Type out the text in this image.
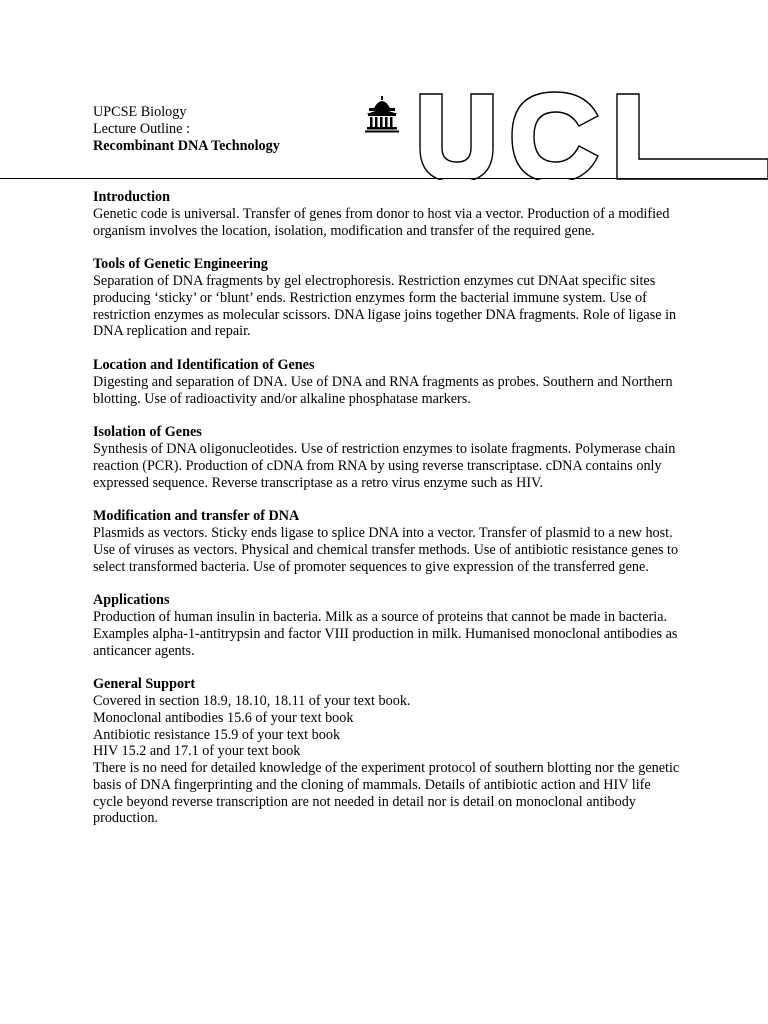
UPCSE Biology
Lecture Outline :
Recombinant DNA Technology
Introduction

Genetic code is universal. Transfer of genes from donor to host via a vector. Production of a modified organism involves the location, isolation, modification and transfer of the required gene.

Tools of Genetic Engineering

Separation of DNA fragments by gel electrophoresis. Restriction enzymes cut DNAat specific sites producing ‘sticky’ or ‘blunt’ ends. Restriction enzymes form the bacterial immune system. Use of restriction enzymes as molecular scissors. DNA ligase joins together DNA fragments. Role of ligase in DNA replication and repair.

Location and Identification of Genes

Digesting and separation of DNA. Use of DNA and RNA fragments as probes. Southern and Northern blotting. Use of radioactivity and/or alkaline phosphatase markers.

Isolation of Genes

Synthesis of DNA oligonucleotides. Use of restriction enzymes to isolate fragments. Polymerase chain reaction (PCR). Production of cDNA from RNA by using reverse transcriptase. cDNA contains only expressed sequence. Reverse transcriptase as a retro virus enzyme such as HIV.

Modification and transfer of DNA

Plasmids as vectors. Sticky ends ligase to splice DNA into a vector. Transfer of plasmid to a new host. Use of viruses as vectors. Physical and chemical transfer methods. Use of antibiotic resistance genes to select transformed bacteria. Use of promoter sequences to give expression of the transferred gene.

Applications

Production of human insulin in bacteria. Milk as a source of proteins that cannot be made in bacteria. Examples alpha-1-antitrypsin and factor VIII production in milk. Humanised monoclonal antibodies as anticancer agents.

General Support
Covered in section 18.9, 18.10, 18.11 of your text book.
Monoclonal antibodies 15.6 of your text book
Antibiotic resistance 15.9 of your text book
HIV 15.2 and 17.1 of your text book

There is no need for detailed knowledge of the experiment protocol of southern blotting nor the genetic basis of DNA fingerprinting and the cloning of mammals. Details of antibiotic action and HIV life cycle beyond reverse transcription are not needed in detail nor is detail on monoclonal antibody production.
